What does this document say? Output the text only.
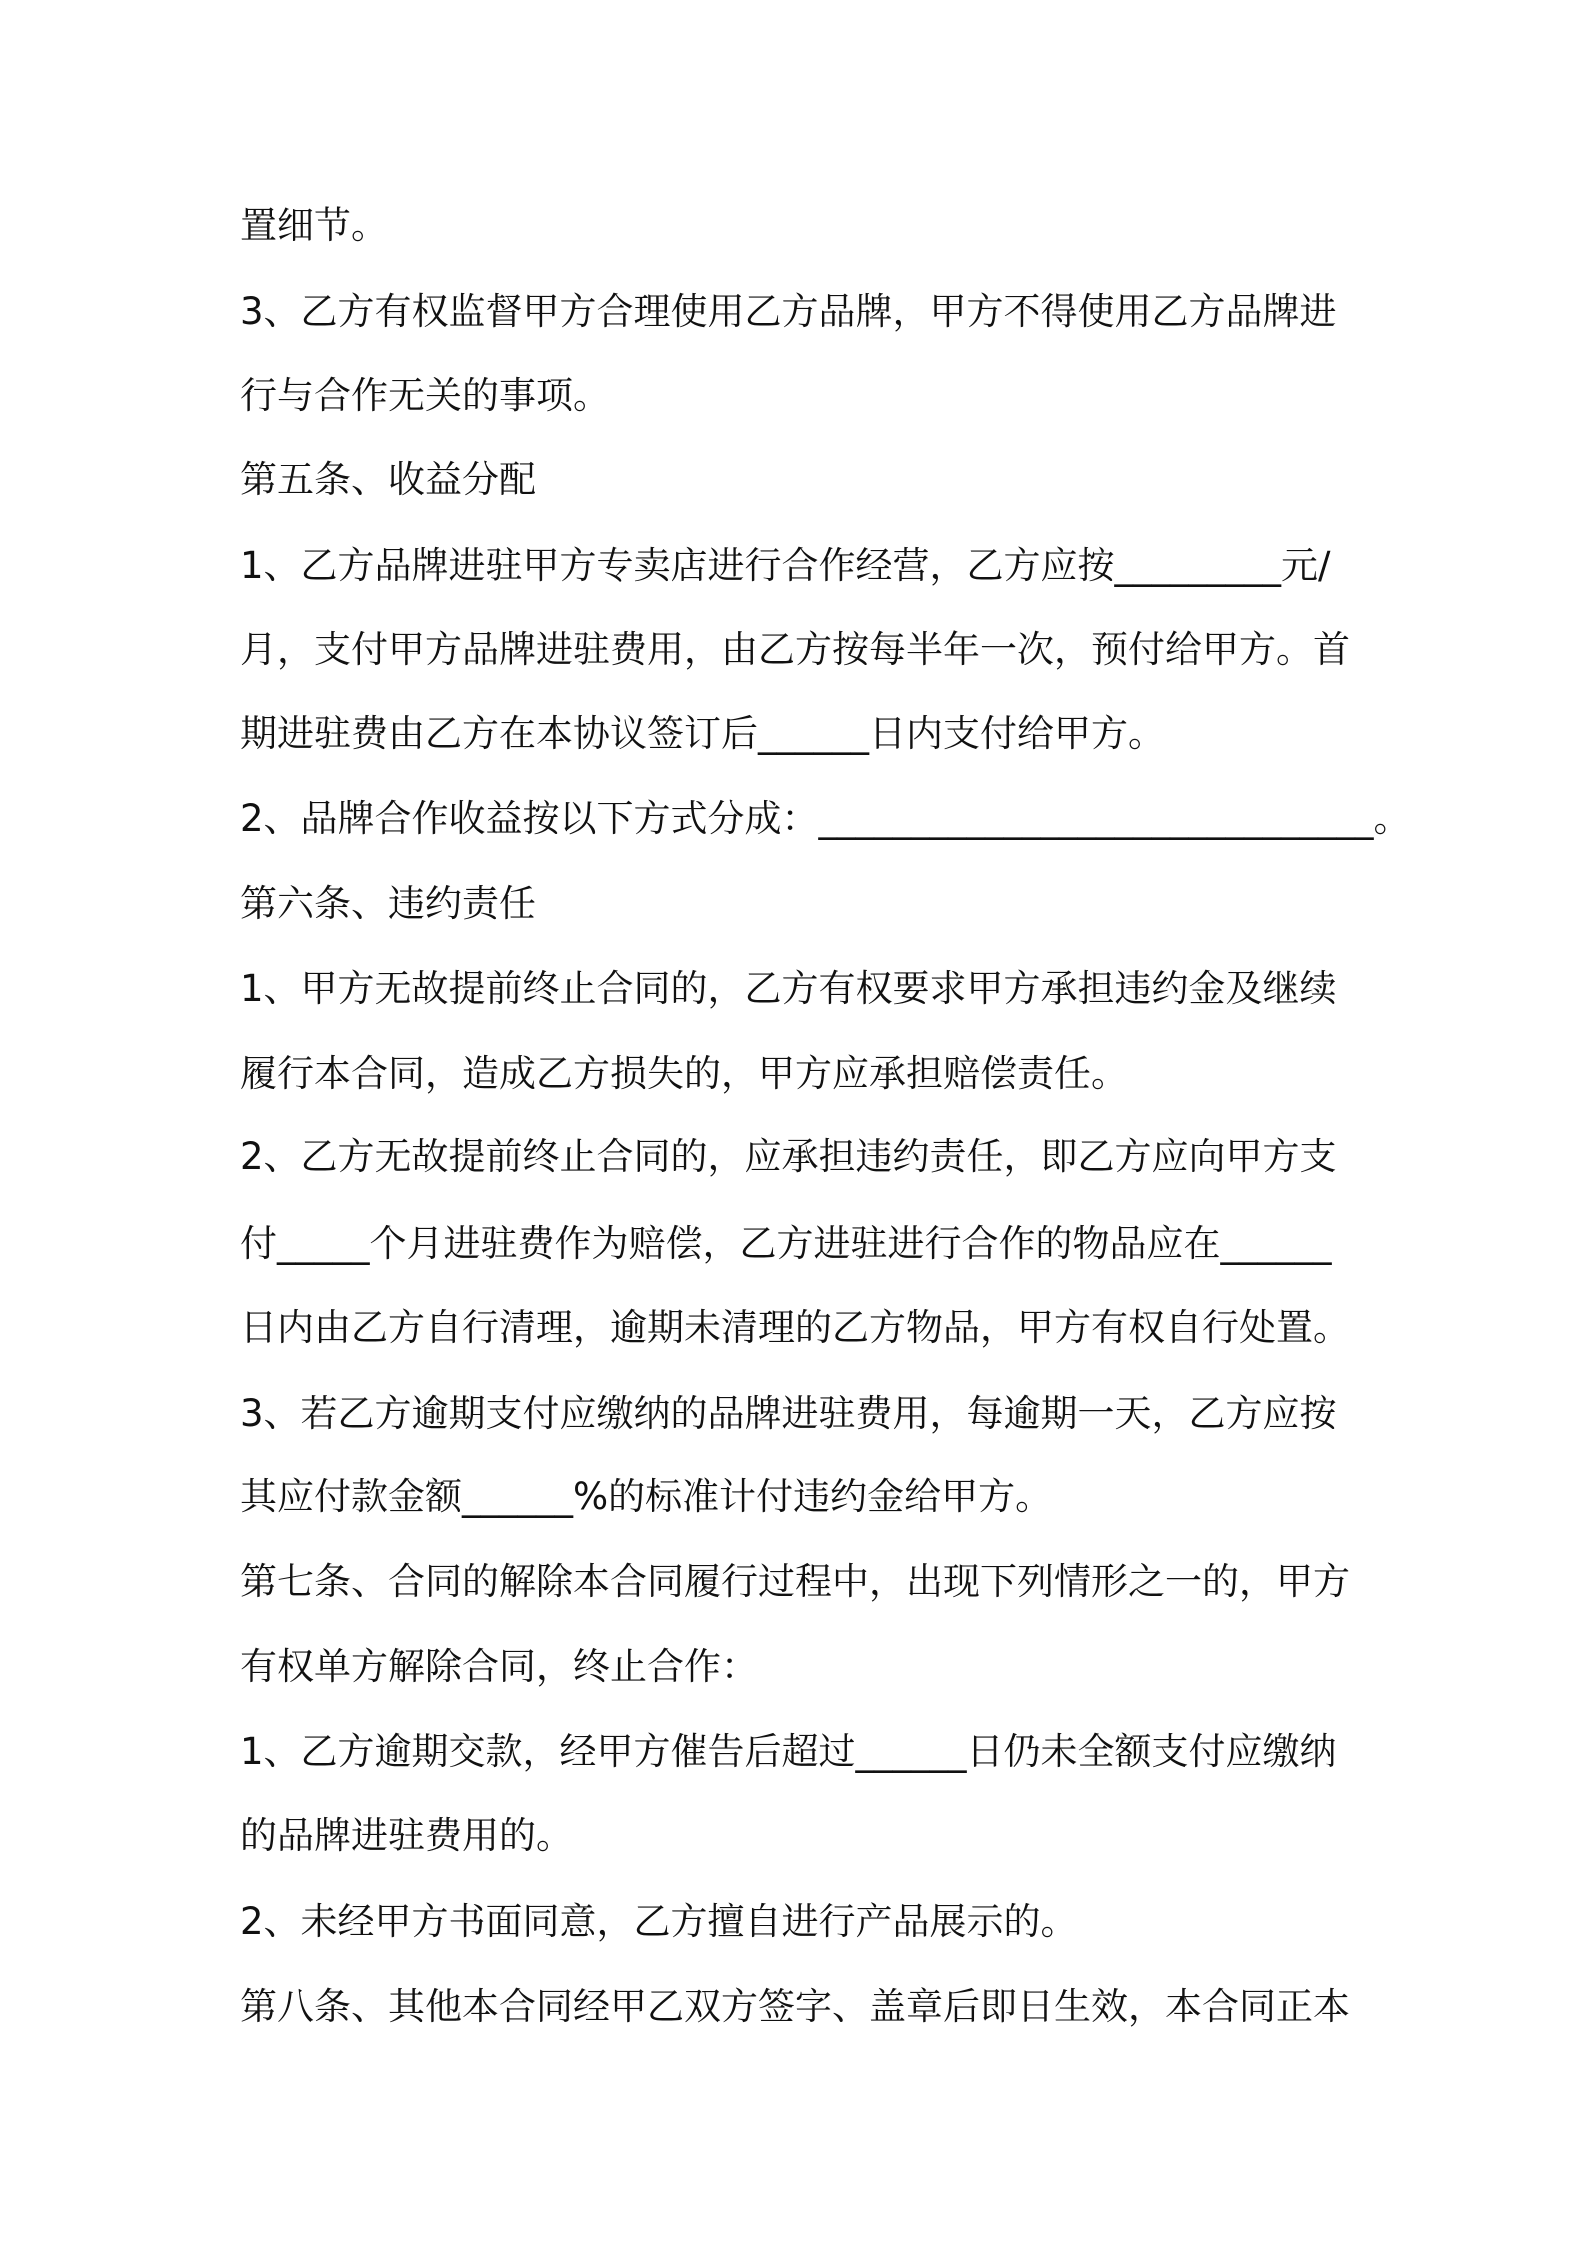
置细节。
3、乙方有权监督甲方合理使用乙方品牌，甲方不得使用乙方品牌进
行与合作无关的事项。
第五条、收益分配
1、乙方品牌进驻甲方专卖店进行合作经营，乙方应按_________元/
月，支付甲方品牌进驻费用，由乙方按每半年一次，预付给甲方。首
期进驻费由乙方在本协议签订后______日内支付给甲方。
2、品牌合作收益按以下方式分成：______________________________。
第六条、违约责任
1、甲方无故提前终止合同的，乙方有权要求甲方承担违约金及继续
履行本合同，造成乙方损失的，甲方应承担赔偿责任。
2、乙方无故提前终止合同的，应承担违约责任，即乙方应向甲方支
付_____个月进驻费作为赔偿，乙方进驻进行合作的物品应在______
日内由乙方自行清理，逾期未清理的乙方物品，甲方有权自行处置。
3、若乙方逾期支付应缴纳的品牌进驻费用，每逾期一天，乙方应按
其应付款金额______%的标准计付违约金给甲方。
第七条、合同的解除本合同履行过程中，出现下列情形之一的，甲方
有权单方解除合同，终止合作：
1、乙方逾期交款，经甲方催告后超过______日仍未全额支付应缴纳
的品牌进驻费用的。
2、未经甲方书面同意，乙方擅自进行产品展示的。
第八条、其他本合同经甲乙双方签字、盖章后即日生效，本合同正本
